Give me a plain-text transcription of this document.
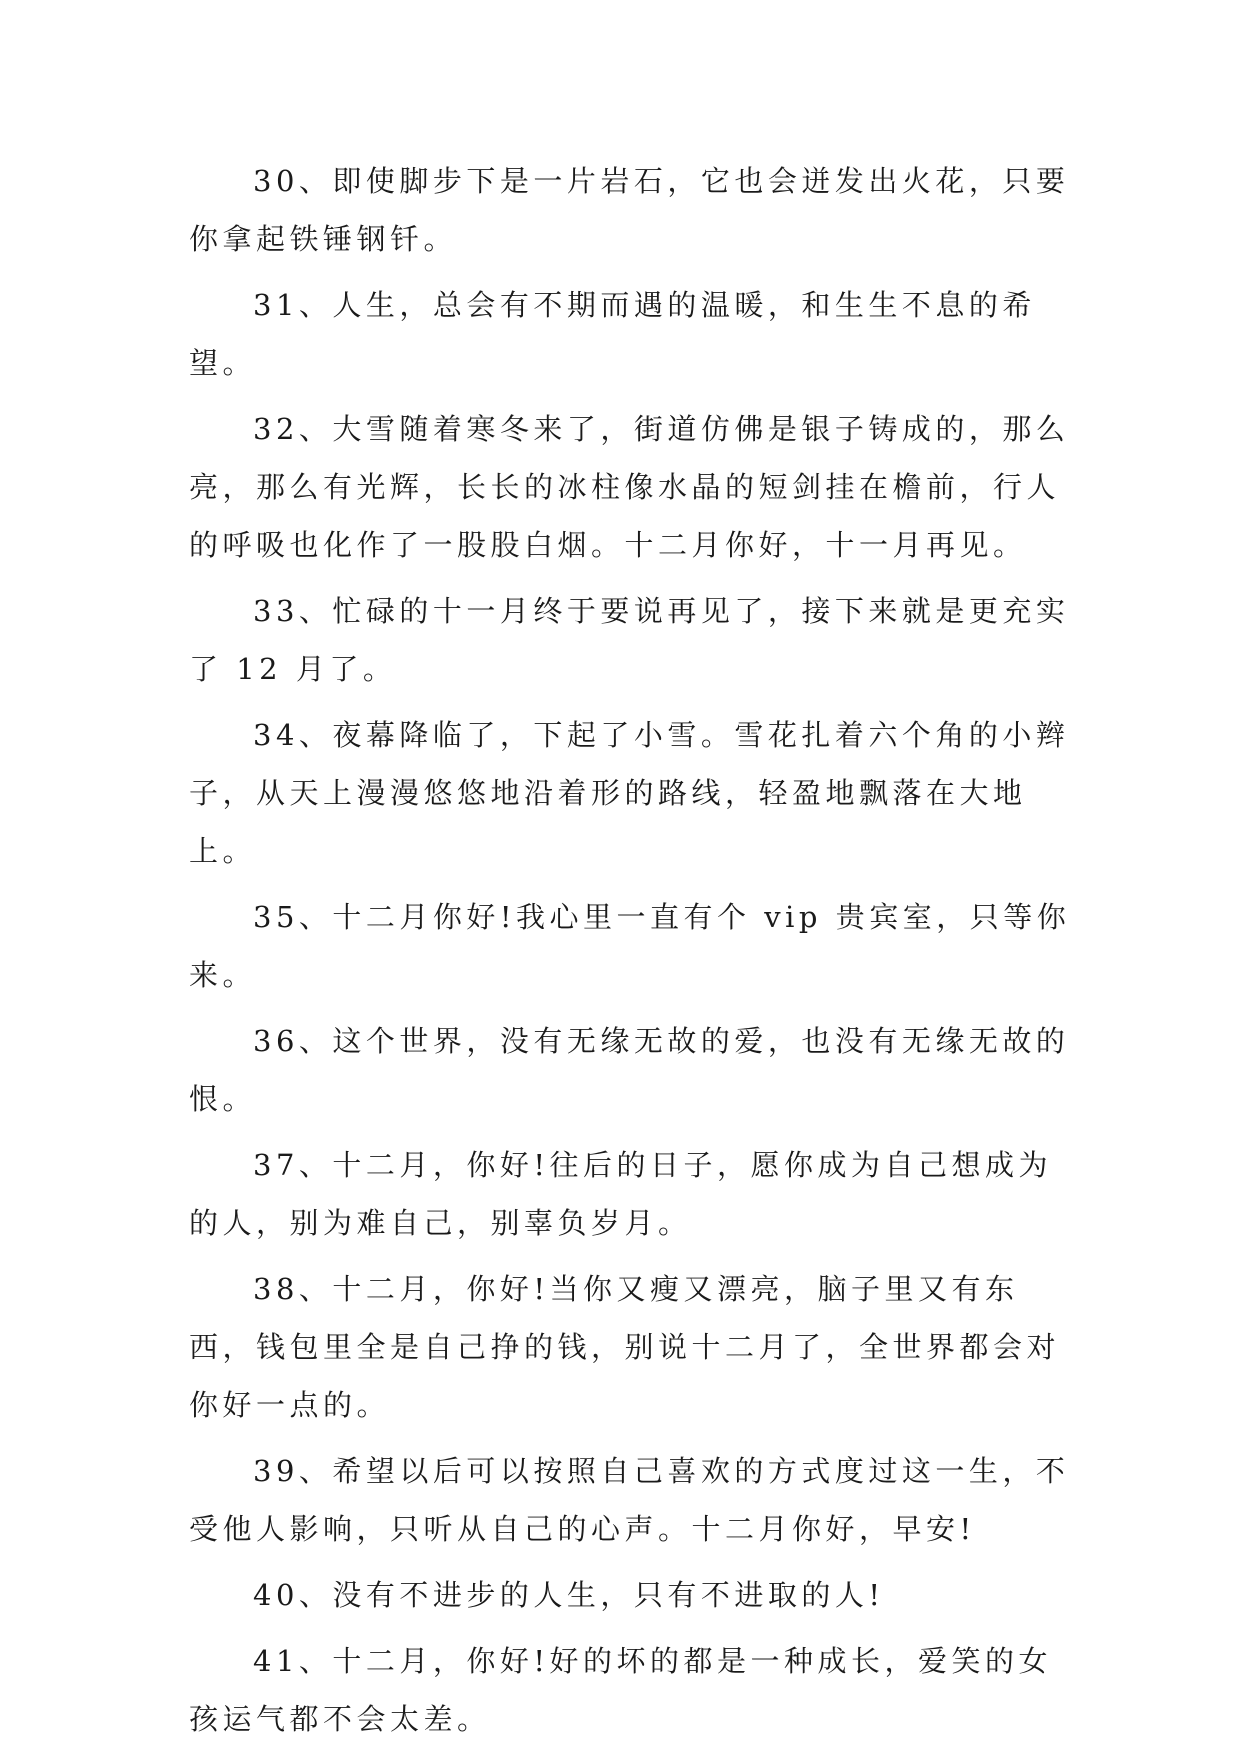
30、即使脚步下是一片岩石，它也会迸发出火花，只要你拿起铁锤钢钎。

31、人生，总会有不期而遇的温暖，和生生不息的希望。

32、大雪随着寒冬来了，街道仿佛是银子铸成的，那么亮，那么有光辉，长长的冰柱像水晶的短剑挂在檐前，行人的呼吸也化作了一股股白烟。十二月你好，十一月再见。

33、忙碌的十一月终于要说再见了，接下来就是更充实了 12 月了。

34、夜幕降临了，下起了小雪。雪花扎着六个角的小辫子，从天上漫漫悠悠地沿着形的路线，轻盈地飘落在大地上。

35、十二月你好!我心里一直有个 vip 贵宾室，只等你来。

36、这个世界，没有无缘无故的爱，也没有无缘无故的恨。

37、十二月，你好!往后的日子，愿你成为自己想成为的人，别为难自己，别辜负岁月。

38、十二月，你好!当你又瘦又漂亮，脑子里又有东西，钱包里全是自己挣的钱，别说十二月了，全世界都会对你好一点的。

39、希望以后可以按照自己喜欢的方式度过这一生，不受他人影响，只听从自己的心声。十二月你好，早安!

40、没有不进步的人生，只有不进取的人!

41、十二月，你好!好的坏的都是一种成长，爱笑的女孩运气都不会太差。
